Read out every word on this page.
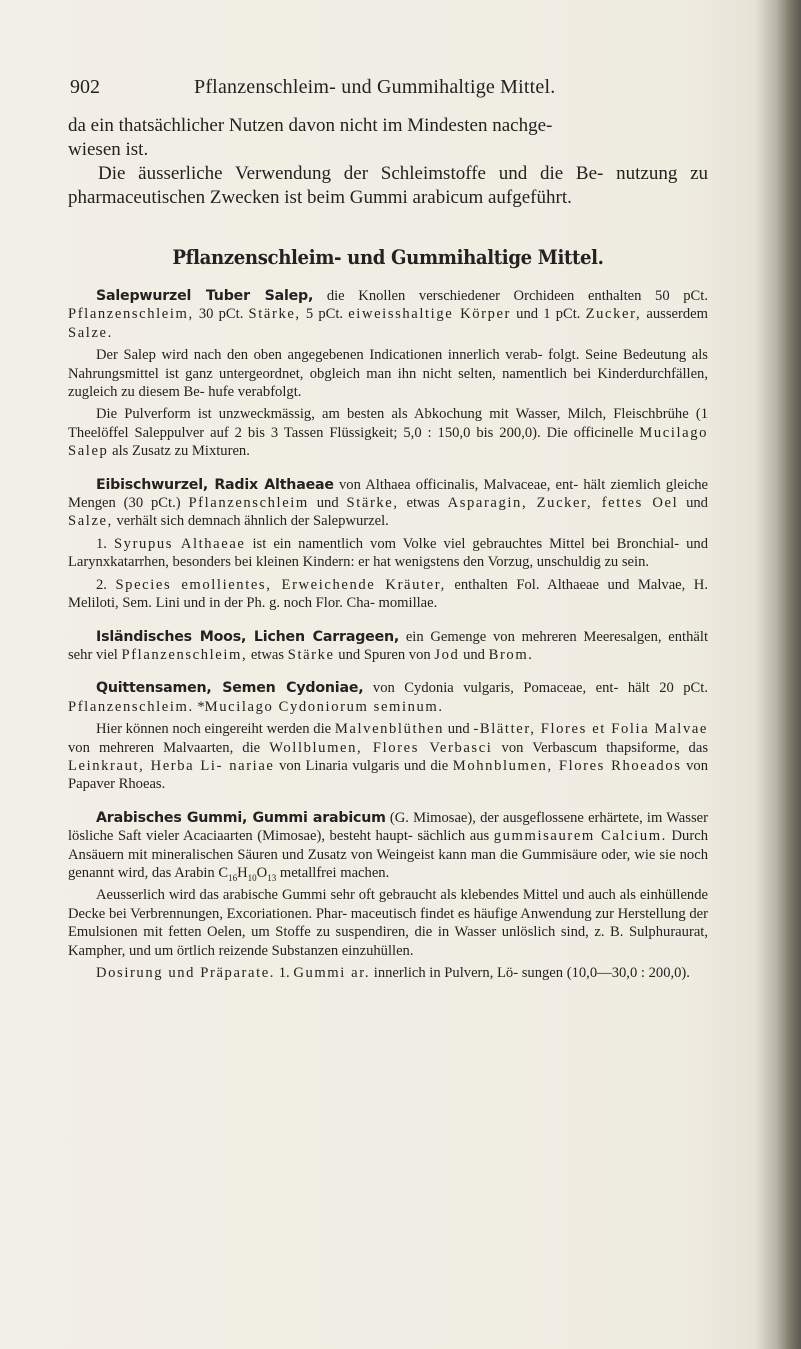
902	Pflanzenschleim- und Gummihaltige Mittel.

da ein thatsächlicher Nutzen davon nicht im Mindesten nachge-
wiesen ist.

Die äusserliche Verwendung der Schleimstoffe und die Be- nutzung zu pharmaceutischen Zwecken ist beim Gummi arabicum aufgeführt.

Pflanzenschleim- und Gummihaltige Mittel.

Salepwurzel Tuber Salep, die Knollen verschiedener Orchideen enthalten 50 pCt. Pflanzenschleim, 30 pCt. Stärke, 5 pCt. eiweisshaltige Körper und 1 pCt. Zucker, ausserdem Salze.

Der Salep wird nach den oben angegebenen Indicationen innerlich verab- folgt. Seine Bedeutung als Nahrungsmittel ist ganz untergeordnet, obgleich man ihn nicht selten, namentlich bei Kinderdurchfällen, zugleich zu diesem Be- hufe verabfolgt.

Die Pulverform ist unzweckmässig, am besten als Abkochung mit Wasser, Milch, Fleischbrühe (1 Theelöffel Saleppulver auf 2 bis 3 Tassen Flüssigkeit; 5,0 : 150,0 bis 200,0). Die officinelle Mucilago Salep als Zusatz zu Mixturen.

Eibischwurzel, Radix Althaeae von Althaea officinalis, Malvaceae, ent- hält ziemlich gleiche Mengen (30 pCt.) Pflanzenschleim und Stärke, etwas Asparagin, Zucker, fettes Oel und Salze, verhält sich demnach ähnlich der Salepwurzel.

1. Syrupus Althaeae ist ein namentlich vom Volke viel gebrauchtes Mittel bei Bronchial- und Larynxkatarrhen, besonders bei kleinen Kindern: er hat wenigstens den Vorzug, unschuldig zu sein.

2. Species emollientes, Erweichende Kräuter, enthalten Fol. Althaeae und Malvae, H. Meliloti, Sem. Lini und in der Ph. g. noch Flor. Cha- momillae.

Isländisches Moos, Lichen Carrageen, ein Gemenge von mehreren Meeresalgen, enthält sehr viel Pflanzenschleim, etwas Stärke und Spuren von Jod und Brom.

Quittensamen, Semen Cydoniae, von Cydonia vulgaris, Pomaceae, ent- hält 20 pCt. Pflanzenschleim. *Mucilago Cydoniorum seminum.

Hier können noch eingereiht werden die Malvenblüthen und -Blätter, Flores et Folia Malvae von mehreren Malvaarten, die Wollblumen, Flores Verbasci von Verbascum thapsiforme, das Leinkraut, Herba Li- nariae von Linaria vulgaris und die Mohnblumen, Flores Rhoeados von Papaver Rhoeas.

Arabisches Gummi, Gummi arabicum (G. Mimosae), der ausgeflossene erhärtete, im Wasser lösliche Saft vieler Acaciaarten (Mimosae), besteht haupt- sächlich aus gummisaurem Calcium. Durch Ansäuern mit mineralischen Säuren und Zusatz von Weingeist kann man die Gummisäure oder, wie sie noch genannt wird, das Arabin $C_{16}H_{10}O_{13}$ metallfrei machen.

Aeusserlich wird das arabische Gummi sehr oft gebraucht als klebendes Mittel und auch als einhüllende Decke bei Verbrennungen, Excoriationen. Phar- maceutisch findet es häufige Anwendung zur Herstellung der Emulsionen mit fetten Oelen, um Stoffe zu suspendiren, die in Wasser unlöslich sind, z. B. Sulphuraurat, Kampher, und um örtlich reizende Substanzen einzuhüllen.

Dosirung und Präparate. 1. Gummi ar. innerlich in Pulvern, Lö- sungen (10,0—30,0 : 200,0).
